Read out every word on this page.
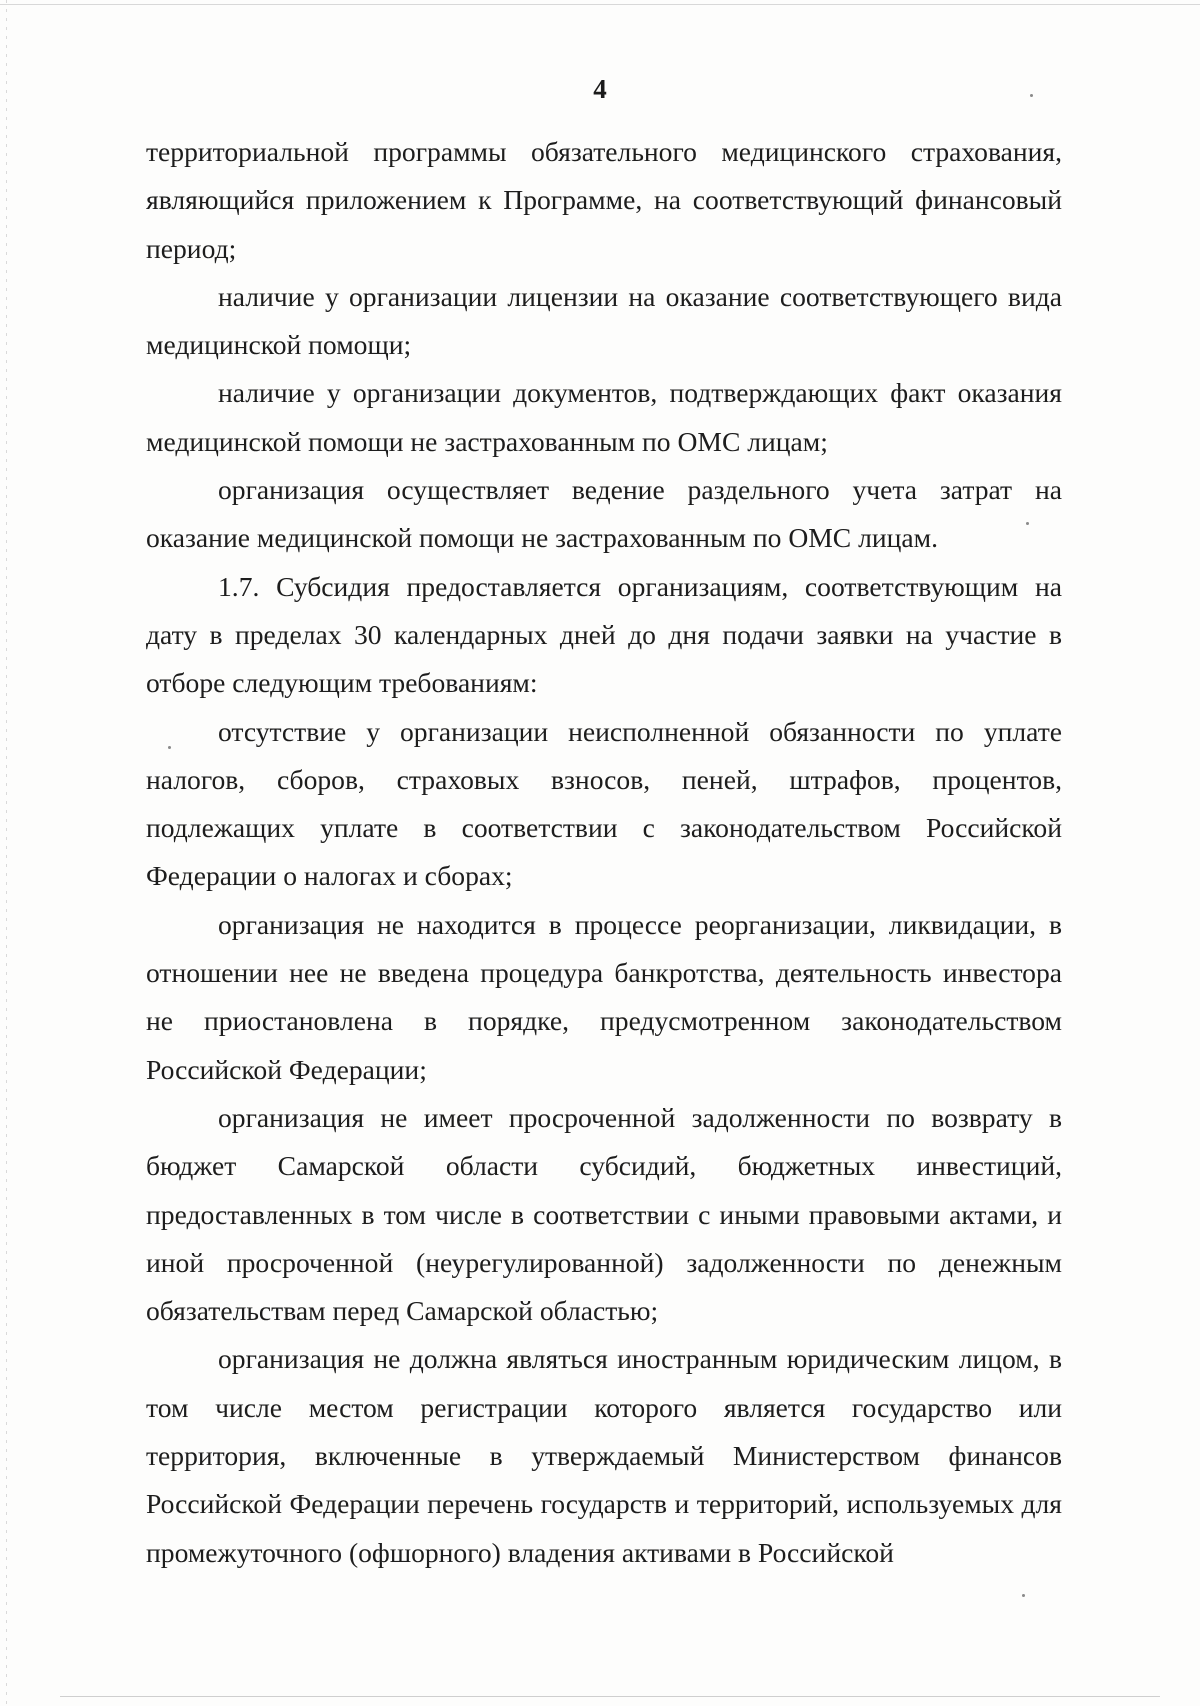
4

территориальной программы обязательного медицинского страхования, являющийся приложением к Программе, на соответствующий финансовый период;

наличие у организации лицензии на оказание соответствующего вида медицинской помощи;

наличие у организации документов, подтверждающих факт оказания медицинской помощи не застрахованным по ОМС лицам;

организация осуществляет ведение раздельного учета затрат на оказание медицинской помощи не застрахованным по ОМС лицам.

1.7. Субсидия предоставляется организациям, соответствующим на дату в пределах 30 календарных дней до дня подачи заявки на участие в отборе следующим требованиям:

отсутствие у организации неисполненной обязанности по уплате налогов, сборов, страховых взносов, пеней, штрафов, процентов, подлежащих уплате в соответствии с законодательством Российской Федерации о налогах и сборах;

организация не находится в процессе реорганизации, ликвидации, в отношении нее не введена процедура банкротства, деятельность инвестора не приостановлена в порядке, предусмотренном законодательством Российской Федерации;

организация не имеет просроченной задолженности по возврату в бюджет Самарской области субсидий, бюджетных инвестиций, предоставленных в том числе в соответствии с иными правовыми актами, и иной просроченной (неурегулированной) задолженности по денежным обязательствам перед Самарской областью;

организация не должна являться иностранным юридическим лицом, в том числе местом регистрации которого является государство или территория, включенные в утверждаемый Министерством финансов Российской Федерации перечень государств и территорий, используемых для промежуточного (офшорного) владения активами в Российской
